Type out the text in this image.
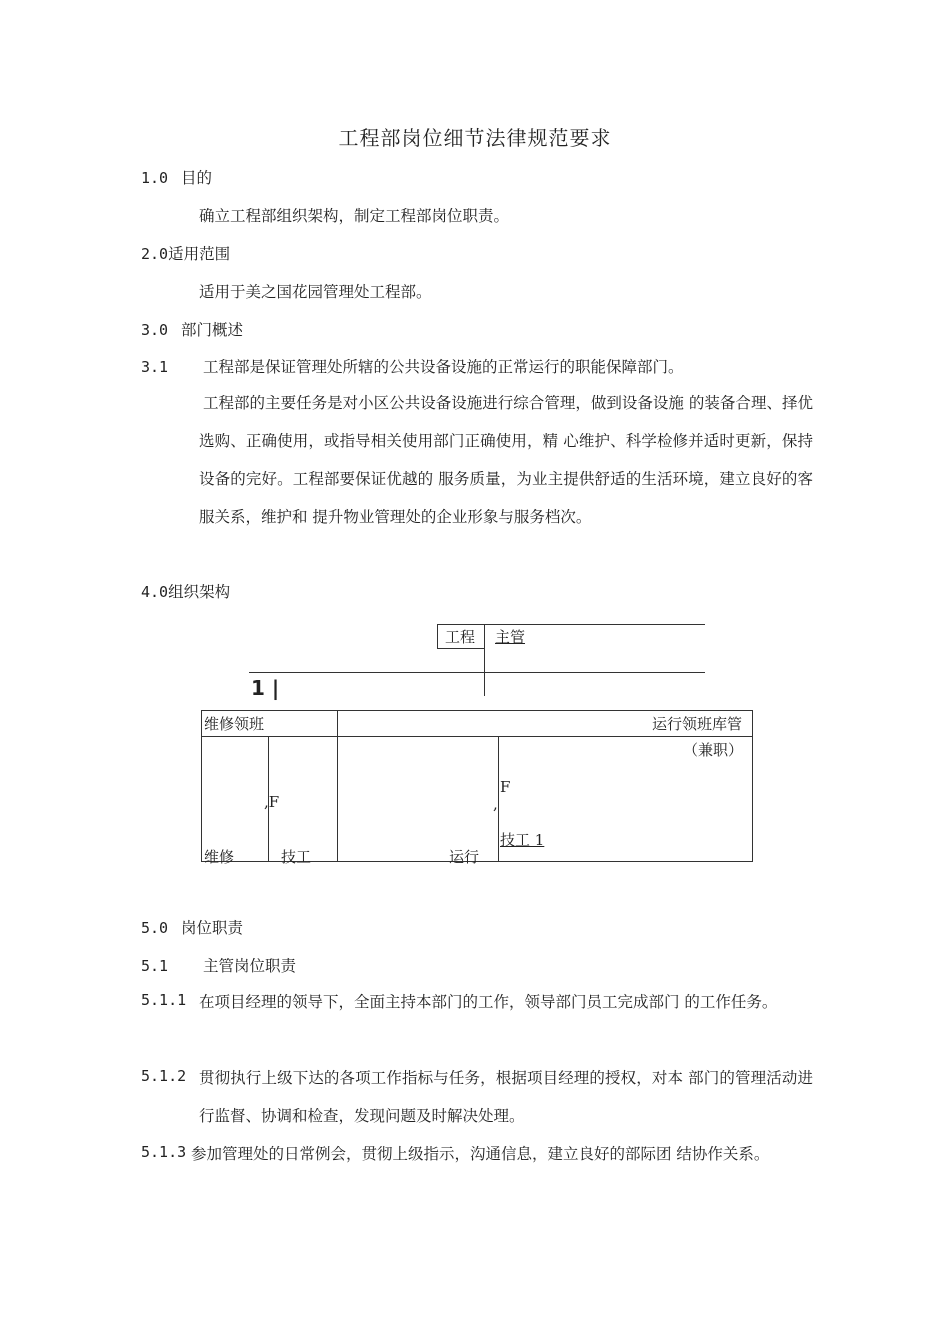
工程部岗位细节法律规范要求
1.0 目的
确立工程部组织架构，制定工程部岗位职责。
2.0适用范围
适用于美之国花园管理处工程部。
3.0 部门概述
3.1 工程部是保证管理处所辖的公共设备设施的正常运行的职能保障部门。
工程部的主要任务是对小区公共设备设施进行综合管理，做到设备设施 的装备合理、择优选购、正确使用，或指导相关使用部门正确使用，精 心维护、科学检修并适时更新，保持设备的完好。工程部要保证优越的 服务质量，为业主提供舒适的生活环境，建立良好的客服关系，维护和 提升物业管理处的企业形象与服务档次。
4.0组织架构
工程 主管
1 |
维修领班	运行领班库管
（兼职）
,F
维修	技工
,
F
运行
技工 1
5.0 岗位职责
5.1 主管岗位职责
5.1.1 在项目经理的领导下，全面主持本部门的工作，领导部门员工完成部门 的工作任务。
5.1.2 贯彻执行上级下达的各项工作指标与任务，根据项目经理的授权，对本 部门的管理活动进行监督、协调和检查，发现问题及时解决处理。
5.1.3 参加管理处的日常例会，贯彻上级指示，沟通信息，建立良好的部际团 结协作关系。
